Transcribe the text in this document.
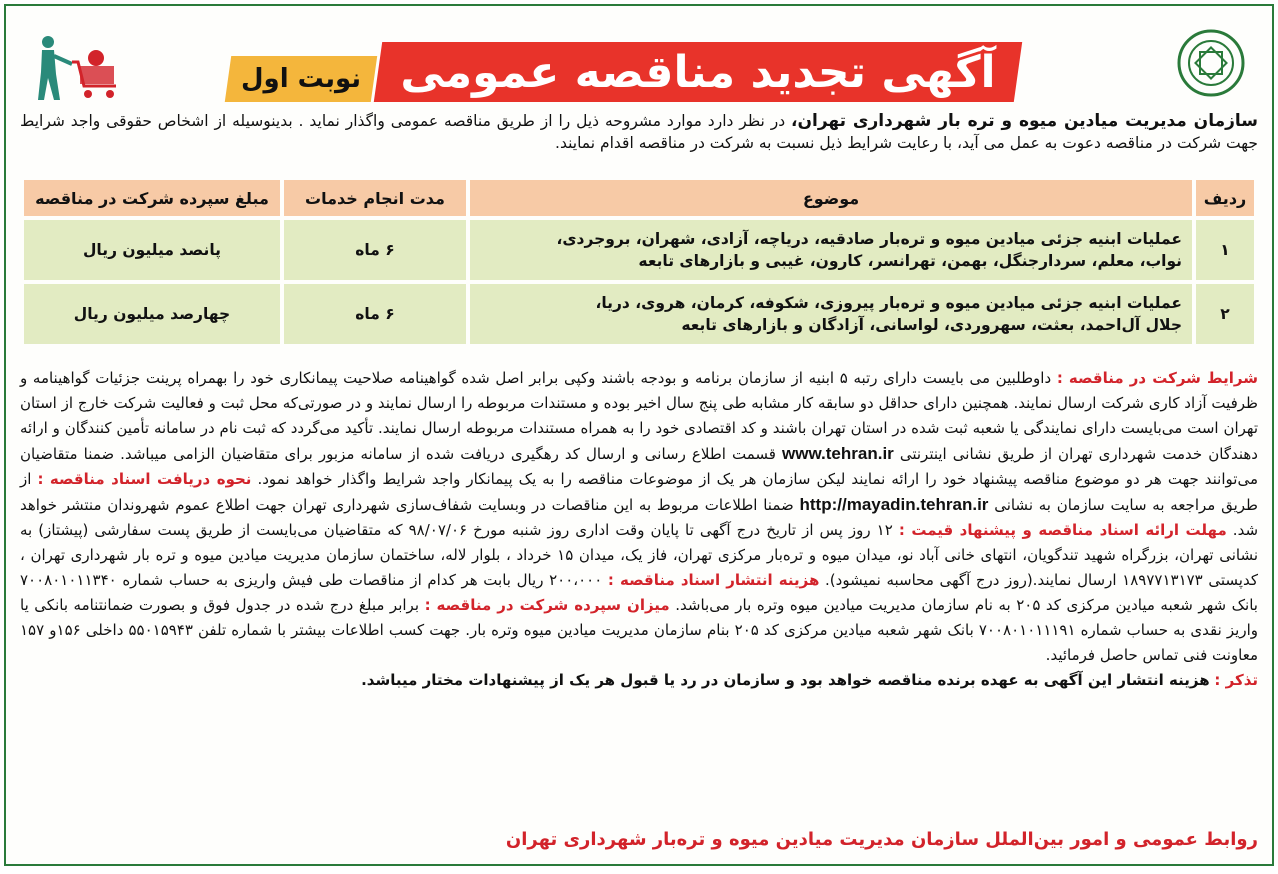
آگهی تجدید مناقصه عمومی
نوبت اول
سازمان مدیریت میادین میوه و تره بار شهرداری تهران، در نظر دارد موارد مشروحه ذیل را از طریق مناقصه عمومی واگذار نماید . بدینوسیله از اشخاص حقوقی واجد شرایط جهت شرکت در مناقصه دعوت به عمل می آید، با رعایت شرایط ذیل نسبت به شرکت در مناقصه اقدام نمایند.
ردیف	موضوع	مدت انجام خدمات	مبلغ سپرده شرکت در مناقصه
۱	عملیات ابنیه جزئی میادین میوه و تره‌بار صادقیه، دریاچه، آزادی، شهران، بروجردی،
نواب، معلم، سردارجنگل، بهمن، تهرانسر، کارون، غیبی و بازارهای تابعه	۶ ماه	پانصد میلیون ریال
۲	عملیات ابنیه جزئی میادین میوه و تره‌بار پیروزی، شکوفه، کرمان، هروی، دریا،
جلال آل‌احمد، بعثت، سهروردی، لواسانی، آزادگان و بازارهای تابعه	۶ ماه	چهارصد میلیون ریال

شرایط شرکت در مناقصه : داوطلبین می بایست دارای رتبه ۵ ابنیه از سازمان برنامه و بودجه باشند وکپی برابر اصل شده گواهینامه صلاحیت پیمانکاری خود را بهمراه پرینت جزئیات گواهینامه و ظرفیت آزاد کاری شرکت ارسال نمایند. همچنین دارای حداقل دو سابقه کار مشابه طی پنج سال اخیر بوده و مستندات مربوطه را ارسال نمایند و در صورتی‌که محل ثبت و فعالیت شرکت خارج از استان تهران است می‌بایست دارای نمایندگی یا شعبه ثبت شده در استان تهران باشند و کد اقتصادی خود را به همراه مستندات مربوطه ارسال نمایند. تأکید می‌گردد که ثبت نام در سامانه تأمین کنندگان و ارائه دهندگان خدمت شهرداری تهران از طریق نشانی اینترنتی www.tehran.ir قسمت اطلاع رسانی و ارسال کد رهگیری دریافت شده از سامانه مزبور برای متقاضیان الزامی میباشد. ضمنا متقاضیان می‌توانند جهت هر دو موضوع مناقصه پیشنهاد خود را ارائه نمایند لیکن سازمان هر یک از موضوعات مناقصه را به یک پیمانکار واجد شرایط واگذار خواهد نمود. نحوه دریافت اسناد مناقصه : از طریق مراجعه به سایت سازمان به نشانی http://mayadin.tehran.ir ضمنا اطلاعات مربوط به این مناقصات در وبسایت شفاف‌سازی شهرداری تهران جهت اطلاع عموم شهروندان منتشر خواهد شد. مهلت ارائه اسناد مناقصه و پیشنهاد قیمت : ۱۲ روز پس از تاریخ درج آگهی تا پایان وقت اداری روز شنبه مورخ ۹۸/۰۷/۰۶ که متقاضیان می‌بایست از طریق پست سفارشی (پیشتاز) به نشانی تهران، بزرگراه شهید تندگویان، انتهای خانی آباد نو، میدان میوه و تره‌بار مرکزی تهران، فاز یک، میدان ۱۵ خرداد ، بلوار لاله، ساختمان سازمان مدیریت میادین میوه و تره بار شهرداری تهران ، کدپستی ۱۸۹۷۷۱۳۱۷۳ ارسال نمایند.(روز درج آگهی محاسبه نمیشود). هزینه انتشار اسناد مناقصه : ۲۰۰،۰۰۰ ریال بابت هر کدام از مناقصات طی فیش واریزی به حساب شماره ۷۰۰۸۰۱۰۱۱۳۴۰ بانک شهر شعبه میادین مرکزی کد ۲۰۵ به نام سازمان مدیریت میادین میوه وتره بار می‌باشد. میزان سپرده شرکت در مناقصه : برابر مبلغ درج شده در جدول فوق و بصورت ضمانتنامه بانکی یا واریز نقدی به حساب شماره ۷۰۰۸۰۱۰۱۱۱۹۱ بانک شهر شعبه میادین مرکزی کد ۲۰۵ بنام سازمان مدیریت میادین میوه وتره بار. جهت کسب اطلاعات بیشتر با شماره تلفن ۵۵۰۱۵۹۴۳ داخلی ۱۵۶و ۱۵۷ معاونت فنی تماس حاصل فرمائید.

تذکر : هزینه انتشار این آگهی به عهده برنده مناقصه خواهد بود و سازمان در رد یا قبول هر یک از پیشنهادات مختار میباشد.

روابط عمومی و امور بین‌الملل سازمان مدیریت میادین میوه و تره‌بار شهرداری تهران
